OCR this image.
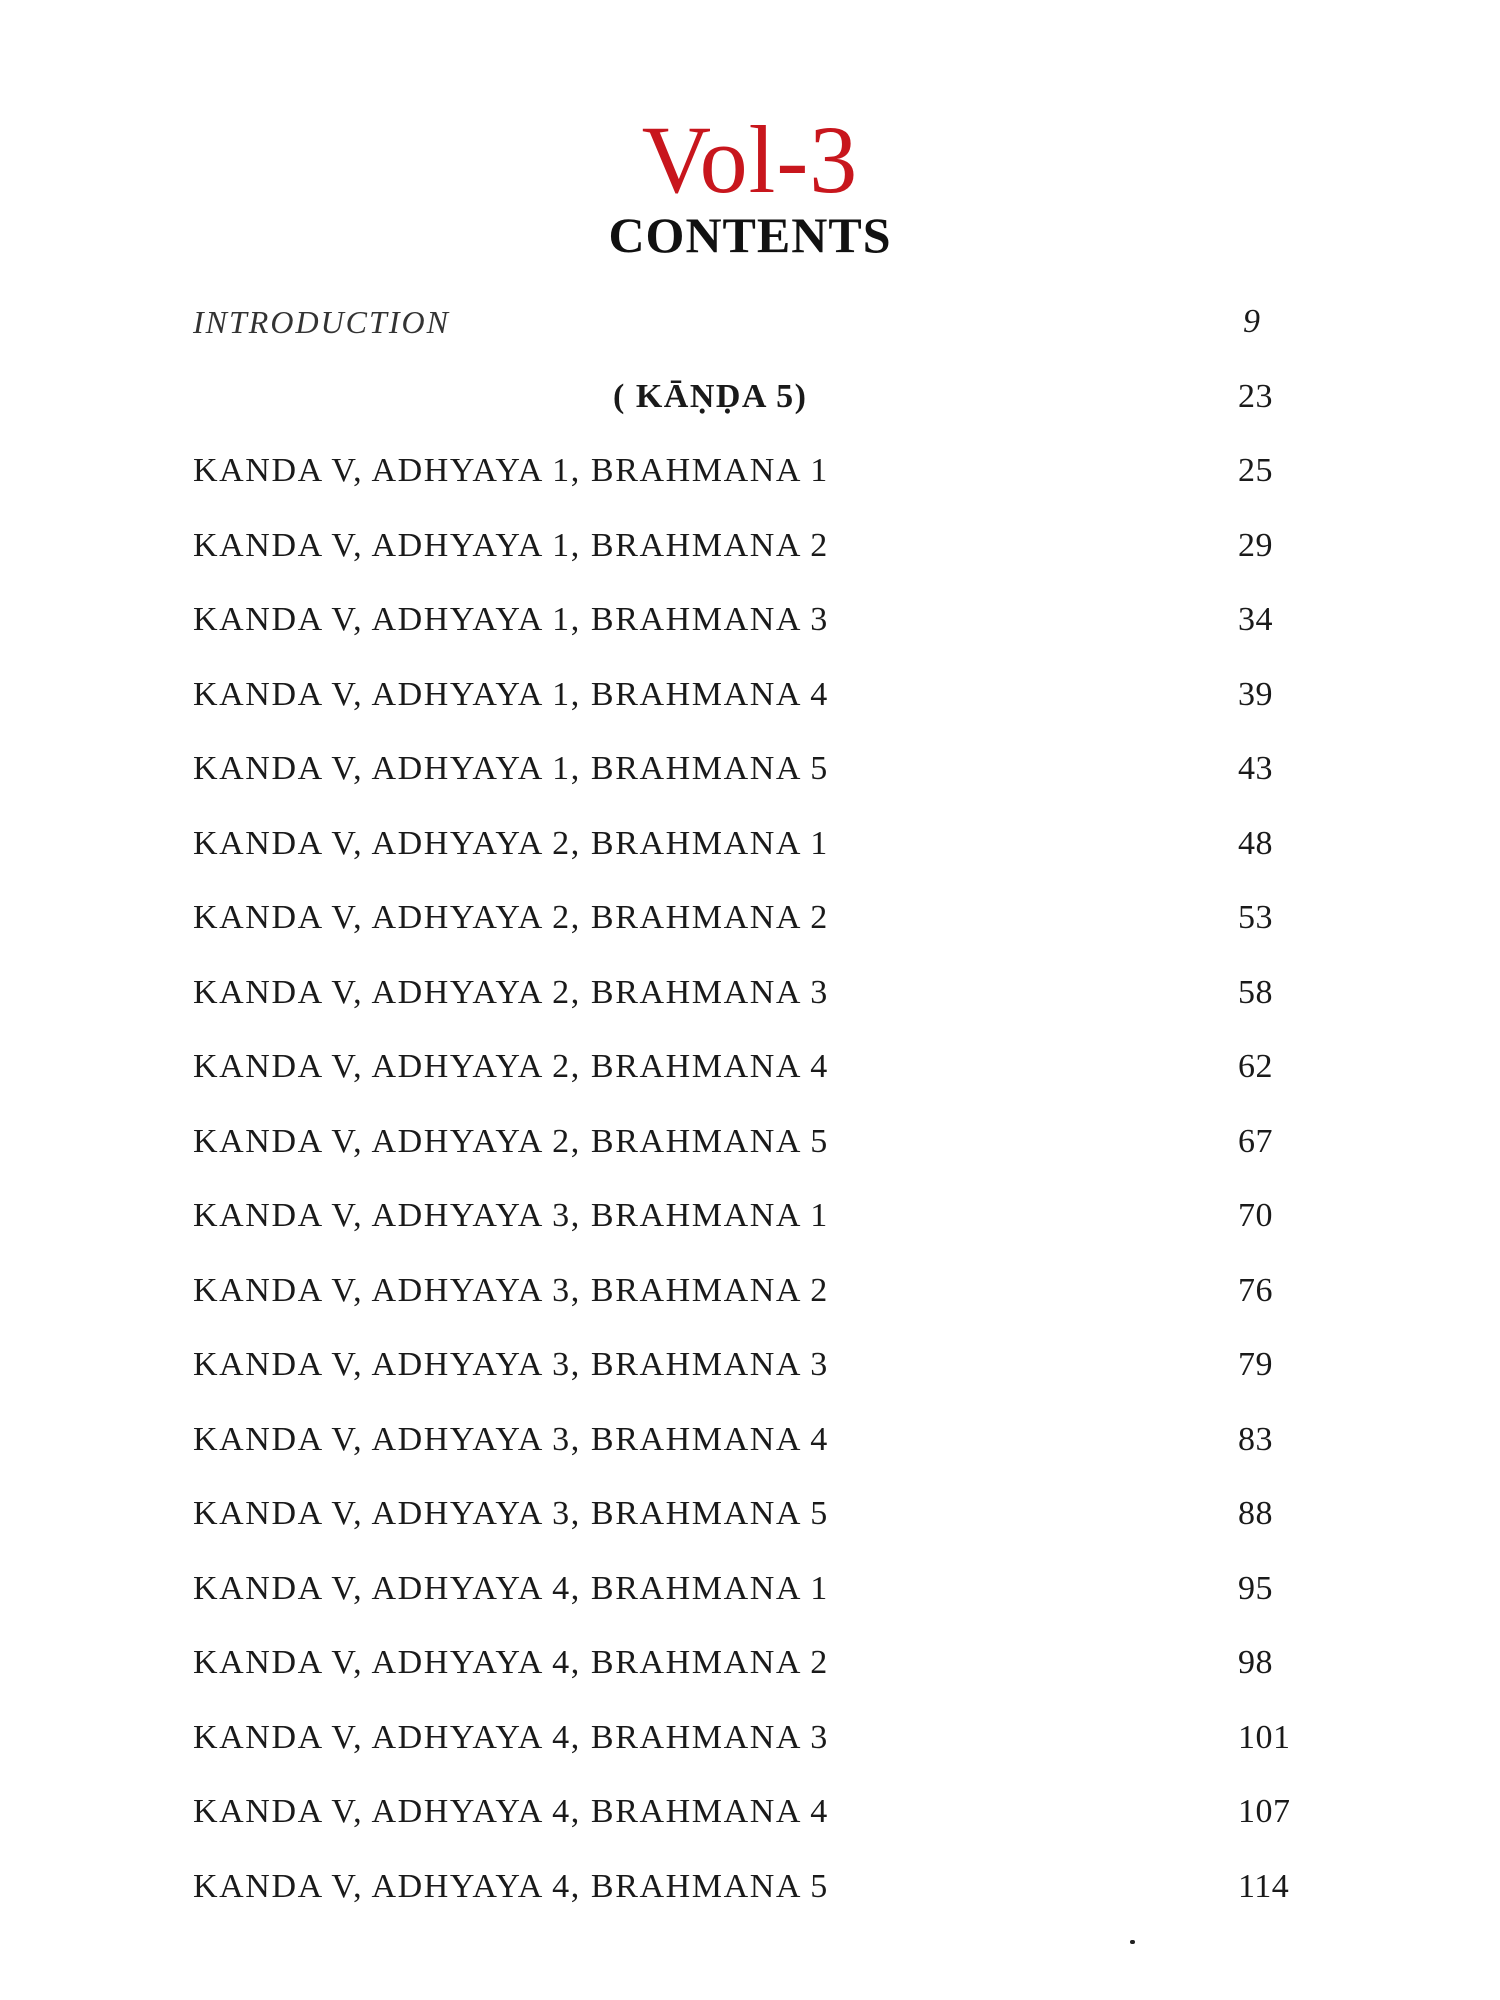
Vol-3
CONTENTS
INTRODUCTION	9
( KĀṆḌA 5)	23
KANDA V, ADHYAYA 1, BRAHMANA 1	25
KANDA V, ADHYAYA 1, BRAHMANA 2	29
KANDA V, ADHYAYA 1, BRAHMANA 3	34
KANDA V, ADHYAYA 1, BRAHMANA 4	39
KANDA V, ADHYAYA 1, BRAHMANA 5	43
KANDA V, ADHYAYA 2, BRAHMANA 1	48
KANDA V, ADHYAYA 2, BRAHMANA 2	53
KANDA V, ADHYAYA 2, BRAHMANA 3	58
KANDA V, ADHYAYA 2, BRAHMANA 4	62
KANDA V, ADHYAYA 2, BRAHMANA 5	67
KANDA V, ADHYAYA 3, BRAHMANA 1	70
KANDA V, ADHYAYA 3, BRAHMANA 2	76
KANDA V, ADHYAYA 3, BRAHMANA 3	79
KANDA V, ADHYAYA 3, BRAHMANA 4	83
KANDA V, ADHYAYA 3, BRAHMANA 5	88
KANDA V, ADHYAYA 4, BRAHMANA 1	95
KANDA V, ADHYAYA 4, BRAHMANA 2	98
KANDA V, ADHYAYA 4, BRAHMANA 3	101
KANDA V, ADHYAYA 4, BRAHMANA 4	107
KANDA V, ADHYAYA 4, BRAHMANA 5	114
